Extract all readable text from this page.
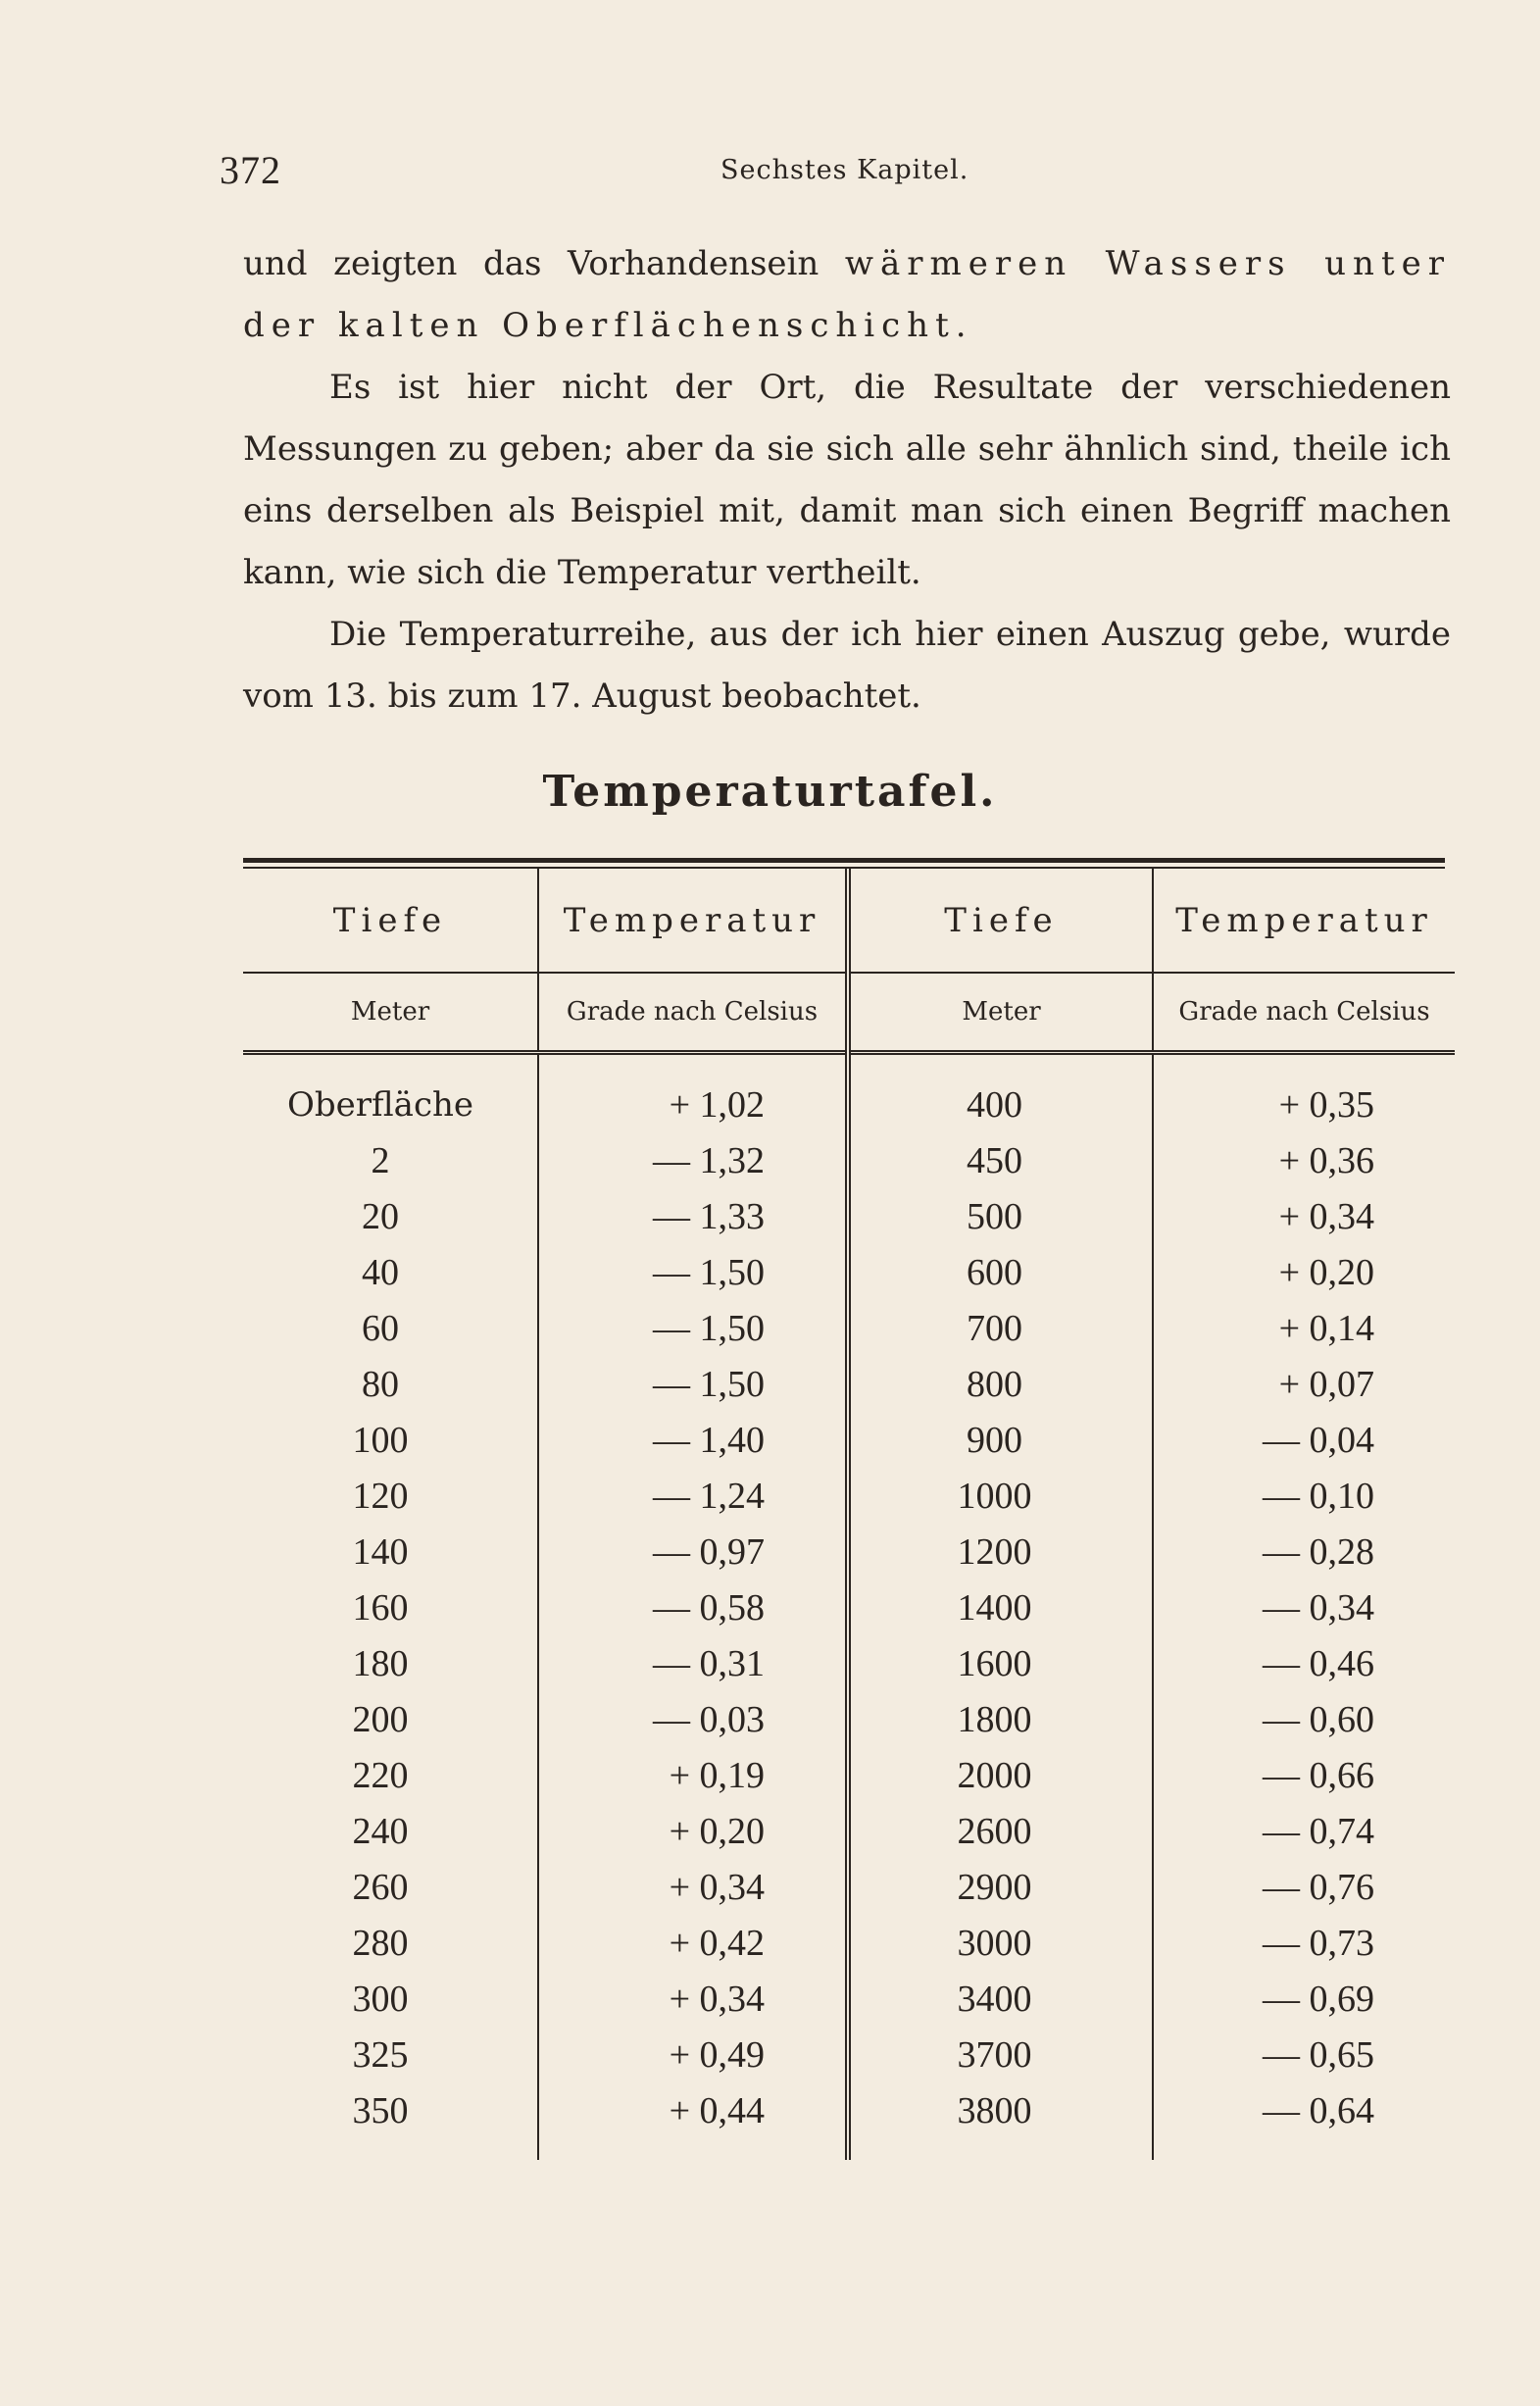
372	Sechstes Kapitel.

und zeigten das Vorhandensein wärmeren Wassers unter der kalten Oberflächenschicht.

Es ist hier nicht der Ort, die Resultate der verschiedenen Messungen zu geben; aber da sie sich alle sehr ähnlich sind, theile ich eins derselben als Beispiel mit, damit man sich einen Begriff machen kann, wie sich die Temperatur vertheilt.

Die Temperaturreihe, aus der ich hier einen Auszug gebe, wurde vom 13. bis zum 17. August beobachtet.

Temperaturtafel.
Tiefe	Temperatur	Tiefe	Temperatur
Meter	Grade nach Celsius	Meter	Grade nach Celsius
Oberfläche	+ 1,02	400	+ 0,35
2	— 1,32	450	+ 0,36
20	— 1,33	500	+ 0,34
40	— 1,50	600	+ 0,20
60	— 1,50	700	+ 0,14
80	— 1,50	800	+ 0,07
100	— 1,40	900	— 0,04
120	— 1,24	1000	— 0,10
140	— 0,97	1200	— 0,28
160	— 0,58	1400	— 0,34
180	— 0,31	1600	— 0,46
200	— 0,03	1800	— 0,60
220	+ 0,19	2000	— 0,66
240	+ 0,20	2600	— 0,74
260	+ 0,34	2900	— 0,76
280	+ 0,42	3000	— 0,73
300	+ 0,34	3400	— 0,69
325	+ 0,49	3700	— 0,65
350	+ 0,44	3800	— 0,64
